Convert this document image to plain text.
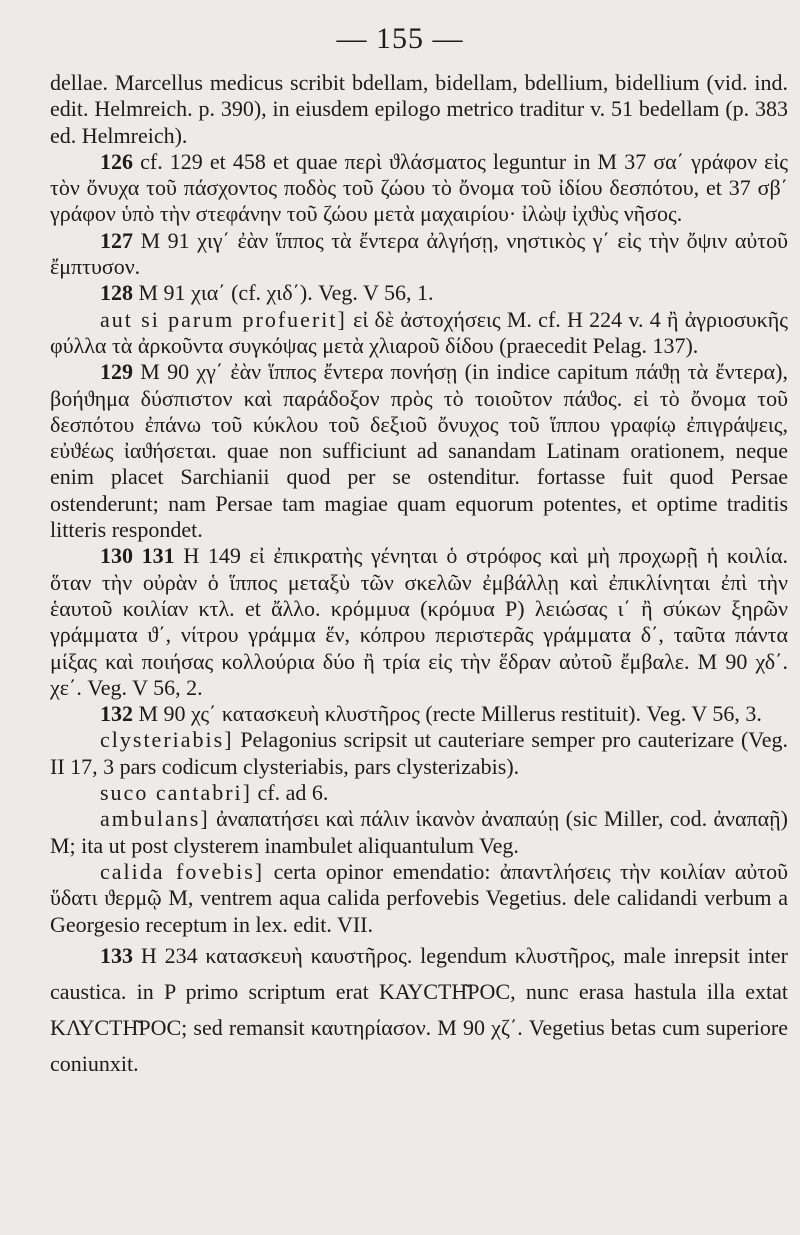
— 155 —

dellae. Marcellus medicus scribit bdellam, bidellam, bdellium, bidellium (vid. ind. edit. Helmreich. p. 390), in eiusdem epilogo metrico traditur v. 51 bedellam (p. 383 ed. Helmreich).

126 cf. 129 et 458 et quae περὶ ϑλάσματος leguntur in M 37 σα΄ γράφον εἰς τὸν ὄνυχα τοῦ πάσχοντος ποδὸς τοῦ ζώου τὸ ὄνομα τοῦ ἰδίου δεσπότου, et 37 σβ΄ γράφον ὑπὸ τὴν στεφάνην τοῦ ζώου μετὰ μαχαιρίου· ἰλὼψ ἰχϑὺς νῆσος.

127 M 91 χιγ΄ ἐὰν ἵππος τὰ ἔντερα ἀλγήσῃ, νηστικὸς γ΄ εἰς τὴν ὄψιν αὐτοῦ ἔμπτυσον.

128 M 91 χια΄ (cf. χιδ΄). Veg. V 56, 1.

aut si parum profuerit] εἰ δὲ ἀστοχήσεις M. cf. H 224 v. 4 ἢ ἀγριοσυκῆς φύλλα τὰ ἀρκοῦντα συγκόψας μετὰ χλιαροῦ δίδου (praecedit Pelag. 137).

129 M 90 χγ΄ ἐὰν ἵππος ἔντερα πονήσῃ (in indice capitum πάϑῃ τὰ ἔντερα), βοήϑημα δύσπιστον καὶ παράδοξον πρὸς τὸ τοιοῦτον πάϑος. εἰ τὸ ὄνομα τοῦ δεσπότου ἐπάνω τοῦ κύκλου τοῦ δεξιοῦ ὄνυχος τοῦ ἵππου γραφίῳ ἐπιγράψεις, εὐϑέως ἰαϑήσεται. quae non sufficiunt ad sanandam Latinam orationem, neque enim placet Sarchianii quod per se ostenditur. fortasse fuit quod Persae ostenderunt; nam Persae tam magiae quam equorum potentes, et optime traditis litteris respondet.

130 131 H 149 εἰ ἐπικρατὴς γένηται ὁ στρόφος καὶ μὴ προχωρῇ ἡ κοιλία. ὅταν τὴν οὐρὰν ὁ ἵππος μεταξὺ τῶν σκελῶν ἐμβάλλῃ καὶ ἐπικλίνηται ἐπὶ τὴν ἑαυτοῦ κοιλίαν κτλ. et ἄλλο. κρόμμυα (κρόμυα P) λειώσας ι΄ ἢ σύκων ξηρῶν γράμματα ϑ΄, νίτρου γράμμα ἕν, κόπρου περιστερᾶς γράμματα δ΄, ταῦτα πάντα μίξας καὶ ποιήσας κολλούρια δύο ἢ τρία εἰς τὴν ἕδραν αὐτοῦ ἔμβαλε. M 90 χδ΄. χε΄. Veg. V 56, 2.

132 M 90 χς΄ κατασκευὴ κλυστῆρος (recte Millerus restituit). Veg. V 56, 3.

clysteriabis] Pelagonius scripsit ut cauteriare semper pro cauterizare (Veg. II 17, 3 pars codicum clysteriabis, pars clysterizabis).

suco cantabri] cf. ad 6.

ambulans] ἀναπατήσει καὶ πάλιν ἱκανὸν ἀναπαύῃ (sic Miller, cod. ἀναπαῇ) M; ita ut post clysterem inambulet aliquantulum Veg.

calida fovebis] certa opinor emendatio: ἀπαντλήσεις τὴν κοιλίαν αὐτοῦ ὕδατι ϑερμῷ M, ventrem aqua calida perfovebis Vegetius. dele calidandi verbum a Georgesio receptum in lex. edit. VII.

133 H 234 κατασκευὴ καυστῆρος. legendum κλυστῆρος, male inrepsit inter caustica. in P primo scriptum erat ΚΑΥϹΤΗ͂ΡΟϹ, nunc erasa hastula illa extat ΚΛΥϹΤΗ͂ΡΟϹ; sed remansit καυτηρίασον. M 90 χζ΄. Vegetius betas cum superiore coniunxit.
